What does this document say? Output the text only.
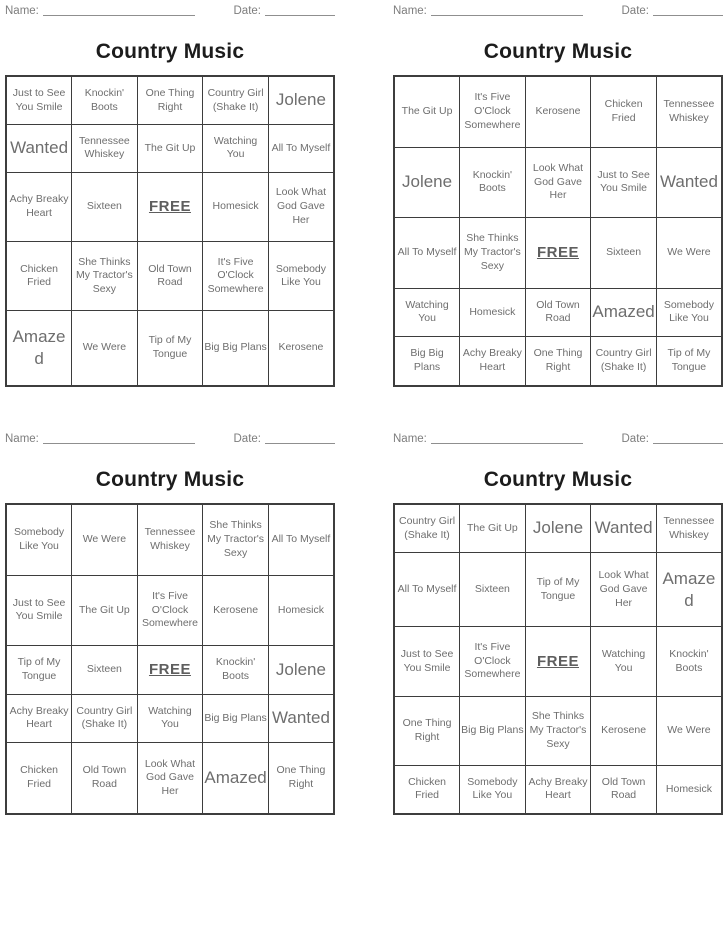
Name:	Date:
Country Music
Just to See You Smile	Knockin' Boots	One Thing Right	Country Girl (Shake It)	Jolene
Wanted	Tennessee Whiskey	The Git Up	Watching You	All To Myself
Achy Breaky Heart	Sixteen	FREE	Homesick	Look What God Gave Her
Chicken Fried	She Thinks My Tractor's Sexy	Old Town Road	It's Five O'Clock Somewhere	Somebody Like You
Amazed	We Were	Tip of My Tongue	Big Big Plans	Kerosene
Name:	Date:
Country Music
The Git Up	It's Five O'Clock Somewhere	Kerosene	Chicken Fried	Tennessee Whiskey
Jolene	Knockin' Boots	Look What God Gave Her	Just to See You Smile	Wanted
All To Myself	She Thinks My Tractor's Sexy	FREE	Sixteen	We Were
Watching You	Homesick	Old Town Road	Amazed	Somebody Like You
Big Big Plans	Achy Breaky Heart	One Thing Right	Country Girl (Shake It)	Tip of My Tongue
Name:	Date:
Country Music
Somebody Like You	We Were	Tennessee Whiskey	She Thinks My Tractor's Sexy	All To Myself
Just to See You Smile	The Git Up	It's Five O'Clock Somewhere	Kerosene	Homesick
Tip of My Tongue	Sixteen	FREE	Knockin' Boots	Jolene
Achy Breaky Heart	Country Girl (Shake It)	Watching You	Big Big Plans	Wanted
Chicken Fried	Old Town Road	Look What God Gave Her	Amazed	One Thing Right
Name:	Date:
Country Music
Country Girl (Shake It)	The Git Up	Jolene	Wanted	Tennessee Whiskey
All To Myself	Sixteen	Tip of My Tongue	Look What God Gave Her	Amazed
Just to See You Smile	It's Five O'Clock Somewhere	FREE	Watching You	Knockin' Boots
One Thing Right	Big Big Plans	She Thinks My Tractor's Sexy	Kerosene	We Were
Chicken Fried	Somebody Like You	Achy Breaky Heart	Old Town Road	Homesick
